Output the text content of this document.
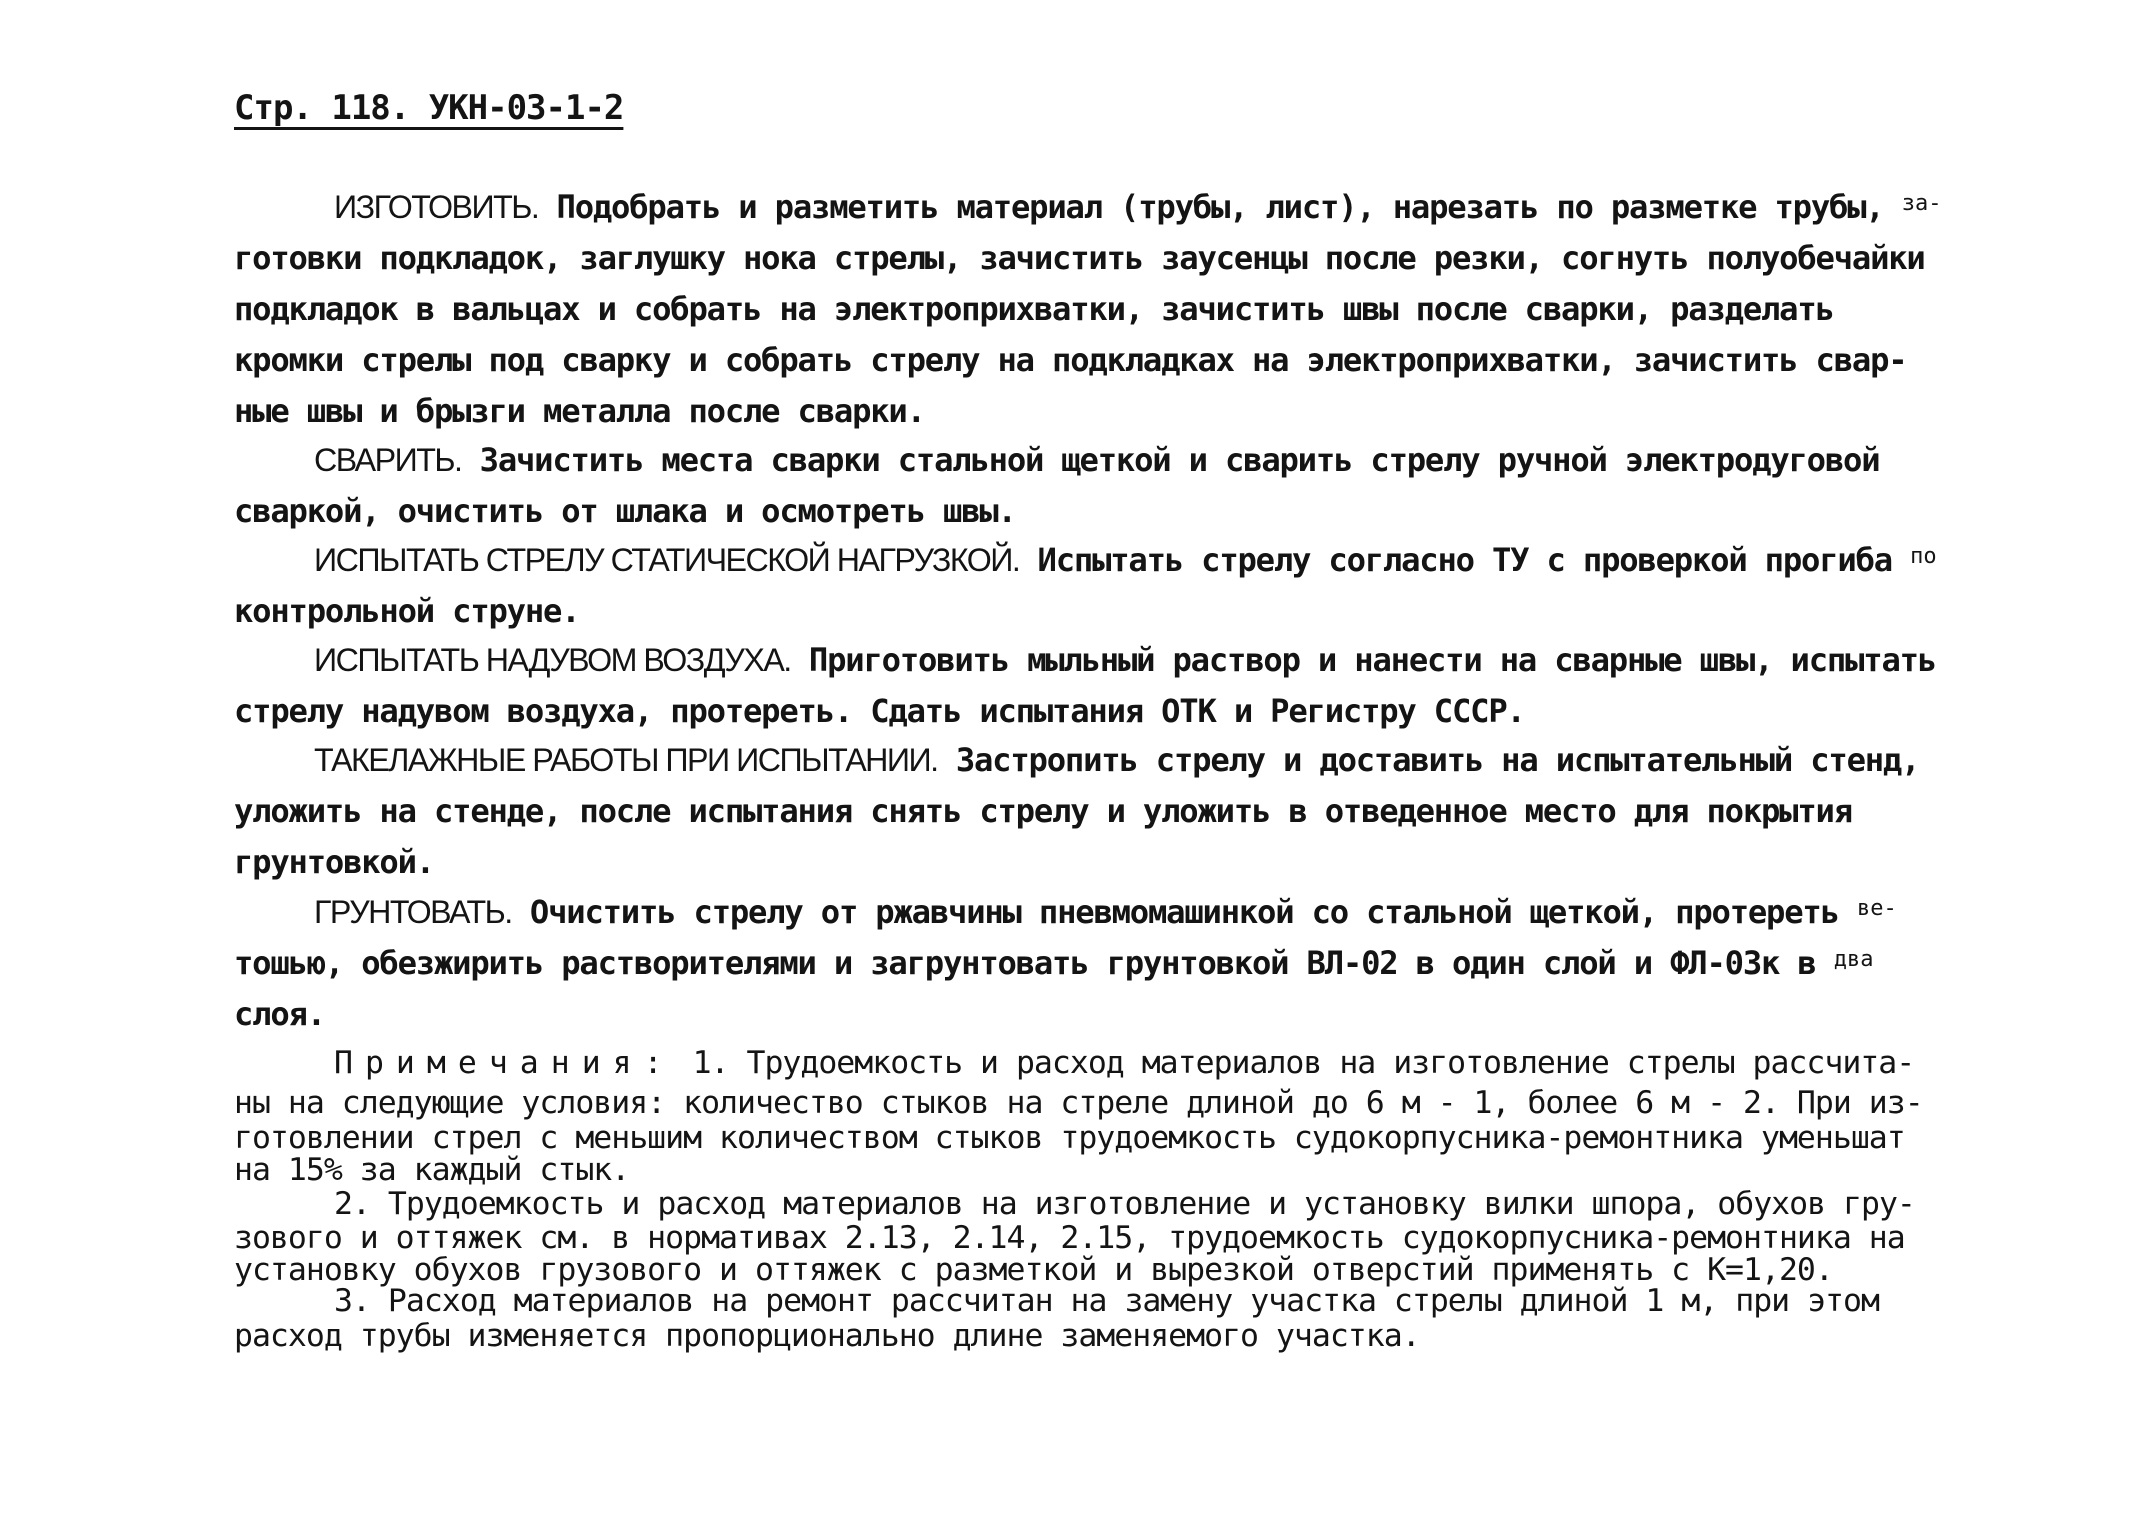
Стр. 118. УКН-03-1-2
ИЗГОТОВИТЬ. Подобрать и разметить материал (трубы, лист), нарезать по разметке трубы, $^{за-}$
готовки подкладок, заглушку нока стрелы, зачистить заусенцы после резки, согнуть полуобечайки
подкладок в вальцах и собрать на электроприхватки, зачистить швы после сварки, разделать
кромки стрелы под сварку и собрать стрелу на подкладках на электроприхватки, зачистить свар-
ные швы и брызги металла после сварки.
СВАРИТЬ. Зачистить места сварки стальной щеткой и сварить стрелу ручной электродуговой
сваркой, очистить от шлака и осмотреть швы.
ИСПЫТАТЬ СТРЕЛУ СТАТИЧЕСКОЙ НАГРУЗКОЙ. Испытать стрелу согласно ТУ с проверкой прогиба $^{по}$
контрольной струне.
ИСПЫТАТЬ НАДУВОМ ВОЗДУХА. Приготовить мыльный раствор и нанести на сварные швы, испытать
стрелу надувом воздуха, протереть. Сдать испытания ОТК и Регистру СССР.
ТАКЕЛАЖНЫЕ РАБОТЫ ПРИ ИСПЫТАНИИ. Застропить стрелу и доставить на испытательный стенд,
уложить на стенде, после испытания снять стрелу и уложить в отведенное место для покрытия
грунтовкой.
ГРУНТОВАТЬ. Очистить стрелу от ржавчины пневмомашинкой со стальной щеткой, протереть $^{ве-}$
тошью, обезжирить растворителями и загрунтовать грунтовкой ВЛ-02 в один слой и ФЛ-03к в $^{два}$
слоя.
Примечания: 1. Трудоемкость и расход материалов на изготовление стрелы рассчита-
ны на следующие условия: количество стыков на стреле длиной до 6 м - 1, более 6 м - 2. При из-
готовлении стрел с меньшим количеством стыков трудоемкость судокорпусника-ремонтника уменьшат
на 15% за каждый стык.
2. Трудоемкость и расход материалов на изготовление и установку вилки шпора, обухов гру-
зового и оттяжек см. в нормативах 2.13, 2.14, 2.15, трудоемкость судокорпусника-ремонтника на
установку обухов грузового и оттяжек с разметкой и вырезкой отверстий применять с К=1,20.
3. Расход материалов на ремонт рассчитан на замену участка стрелы длиной 1 м, при этом
расход трубы изменяется пропорционально длине заменяемого участка.
